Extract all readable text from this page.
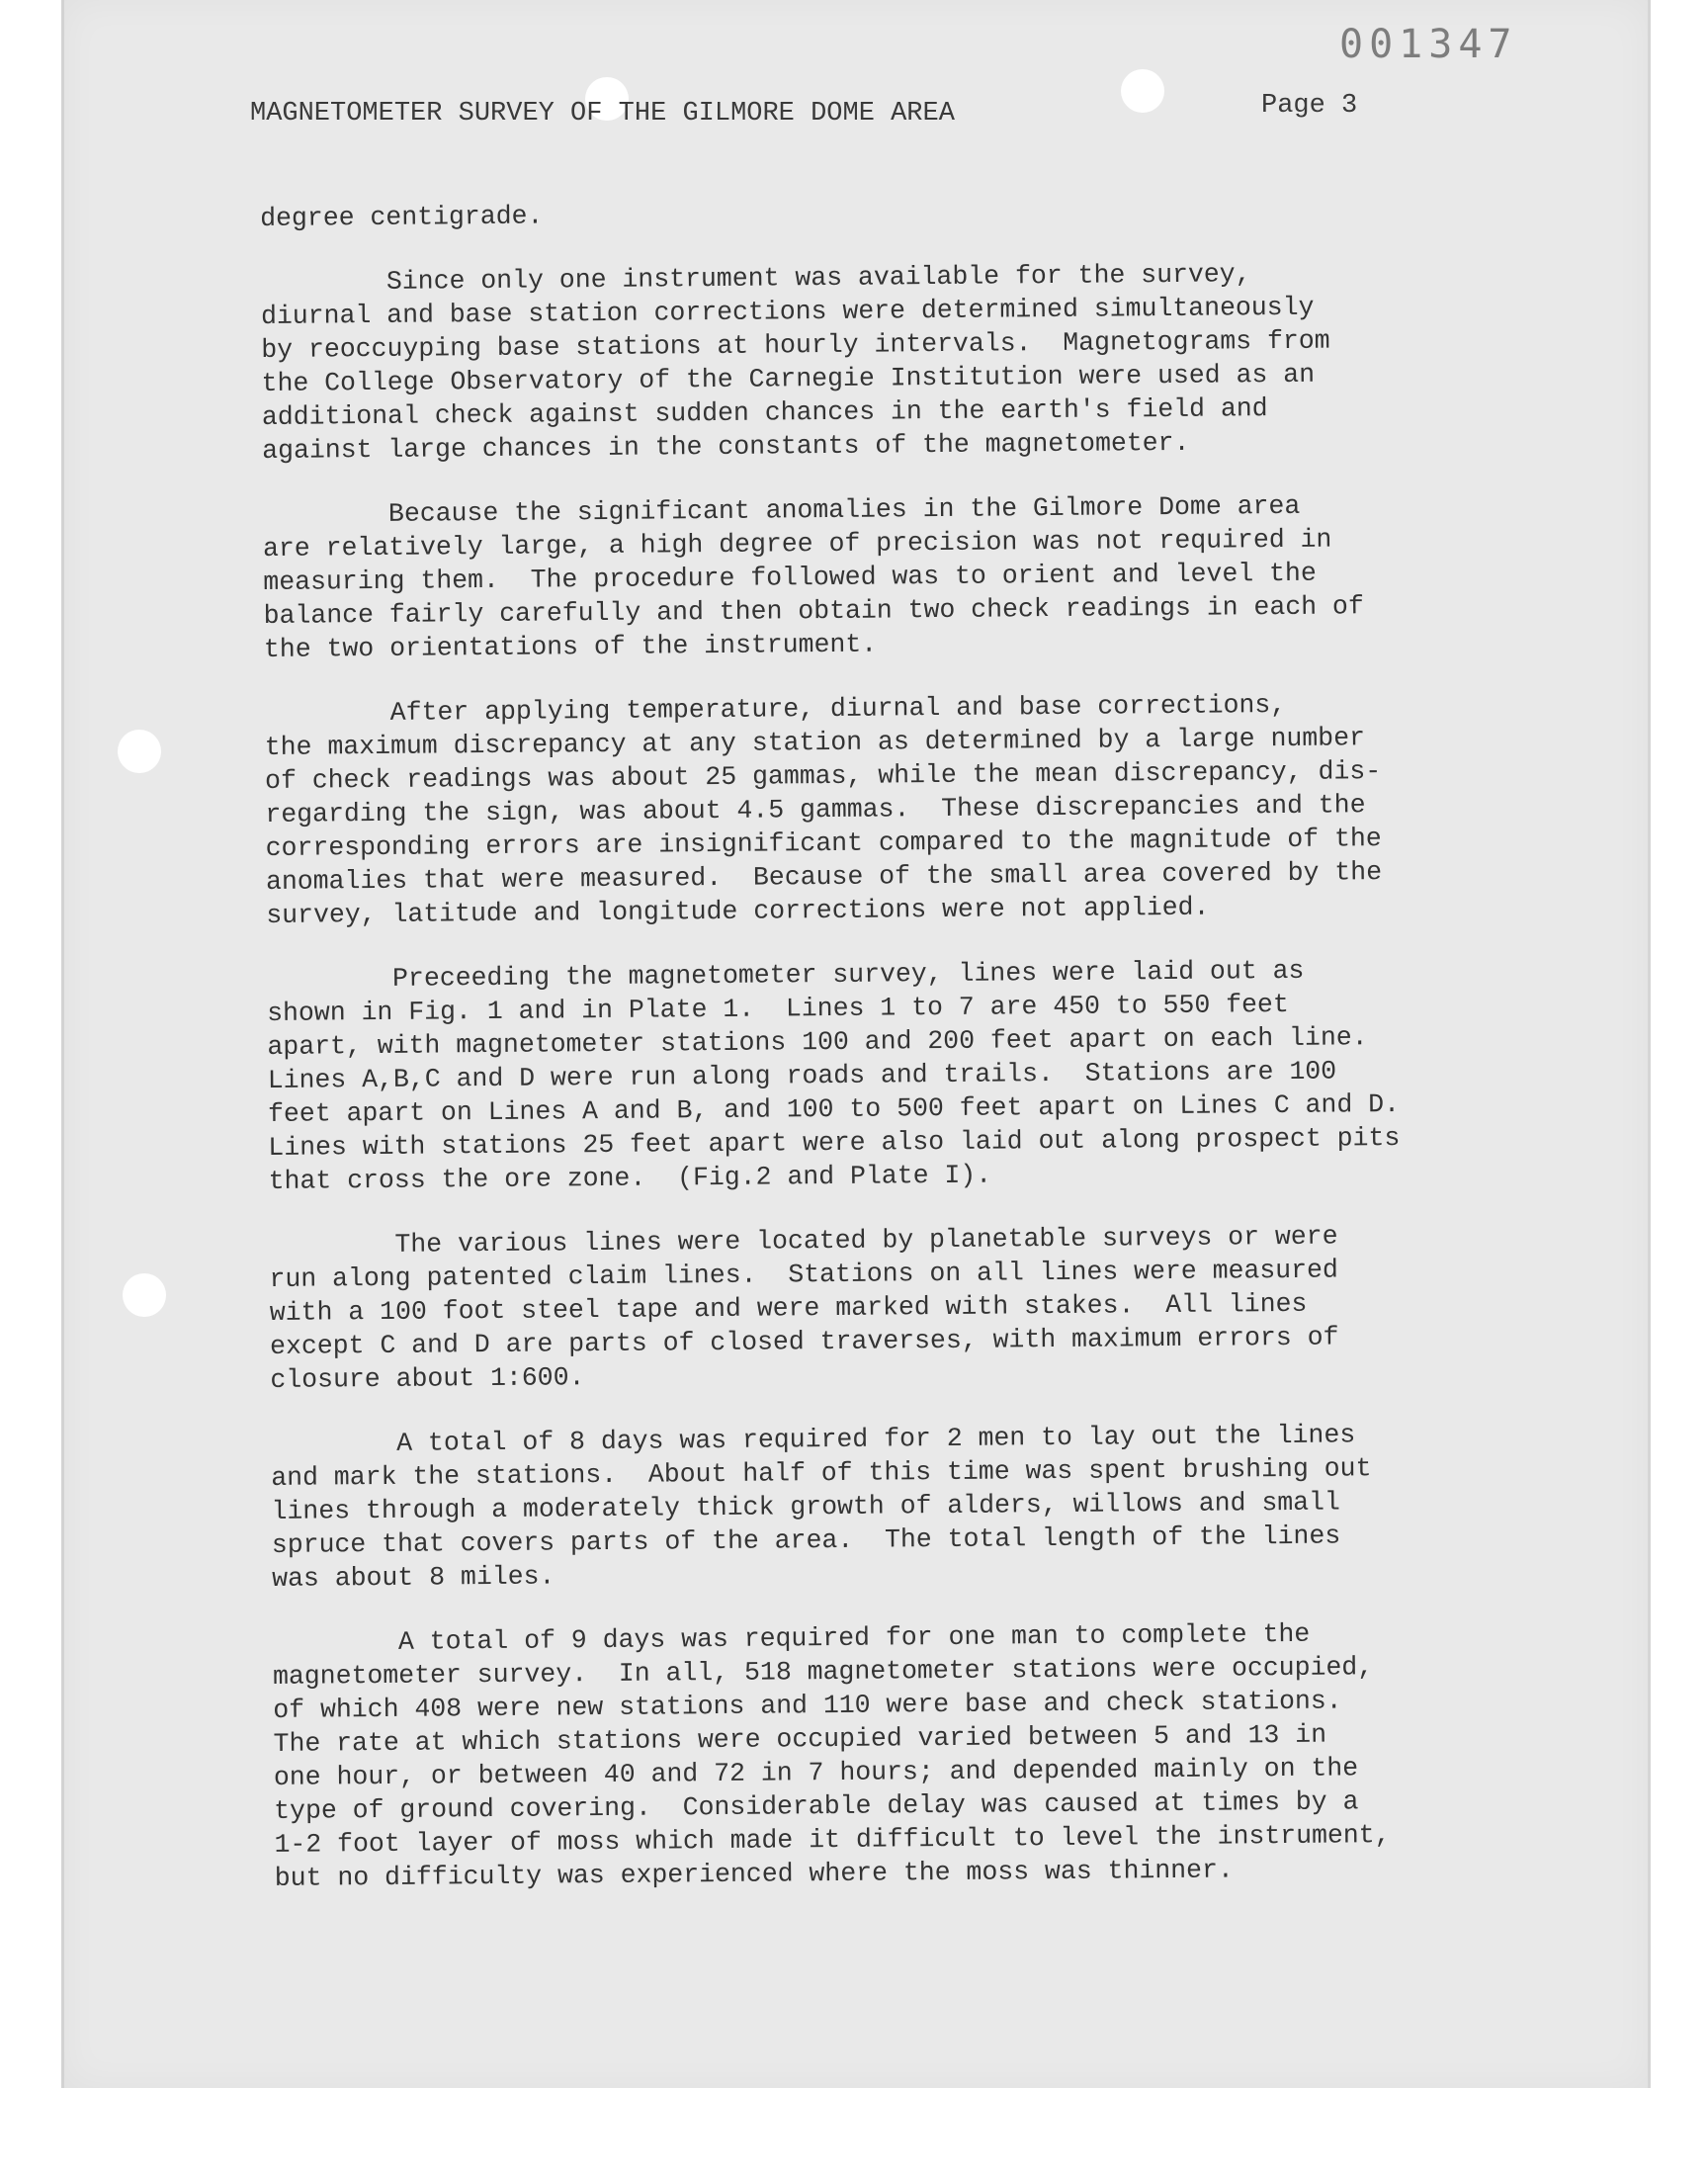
001347
MAGNETOMETER SURVEY OF THE GILMORE DOME AREA	Page 3

degree centigrade.

Since only one instrument was available for the survey,
diurnal and base station corrections were determined simultaneously
by reoccuyping base stations at hourly intervals.  Magnetograms from
the College Observatory of the Carnegie Institution were used as an
additional check against sudden chances in the earth's field and
against large chances in the constants of the magnetometer.

Because the significant anomalies in the Gilmore Dome area
are relatively large, a high degree of precision was not required in
measuring them.  The procedure followed was to orient and level the
balance fairly carefully and then obtain two check readings in each of
the two orientations of the instrument.

After applying temperature, diurnal and base corrections,
the maximum discrepancy at any station as determined by a large number
of check readings was about 25 gammas, while the mean discrepancy, dis-
regarding the sign, was about 4.5 gammas.  These discrepancies and the
corresponding errors are insignificant compared to the magnitude of the
anomalies that were measured.  Because of the small area covered by the
survey, latitude and longitude corrections were not applied.

Preceeding the magnetometer survey, lines were laid out as
shown in Fig. 1 and in Plate 1.  Lines 1 to 7 are 450 to 550 feet
apart, with magnetometer stations 100 and 200 feet apart on each line.
Lines A,B,C and D were run along roads and trails.  Stations are 100
feet apart on Lines A and B, and 100 to 500 feet apart on Lines C and D.
Lines with stations 25 feet apart were also laid out along prospect pits
that cross the ore zone.  (Fig.2 and Plate I).

The various lines were located by planetable surveys or were
run along patented claim lines.  Stations on all lines were measured
with a 100 foot steel tape and were marked with stakes.  All lines
except C and D are parts of closed traverses, with maximum errors of
closure about 1:600.

A total of 8 days was required for 2 men to lay out the lines
and mark the stations.  About half of this time was spent brushing out
lines through a moderately thick growth of alders, willows and small
spruce that covers parts of the area.  The total length of the lines
was about 8 miles.

A total of 9 days was required for one man to complete the
magnetometer survey.  In all, 518 magnetometer stations were occupied,
of which 408 were new stations and 110 were base and check stations.
The rate at which stations were occupied varied between 5 and 13 in
one hour, or between 40 and 72 in 7 hours; and depended mainly on the
type of ground covering.  Considerable delay was caused at times by a
1-2 foot layer of moss which made it difficult to level the instrument,
but no difficulty was experienced where the moss was thinner.
